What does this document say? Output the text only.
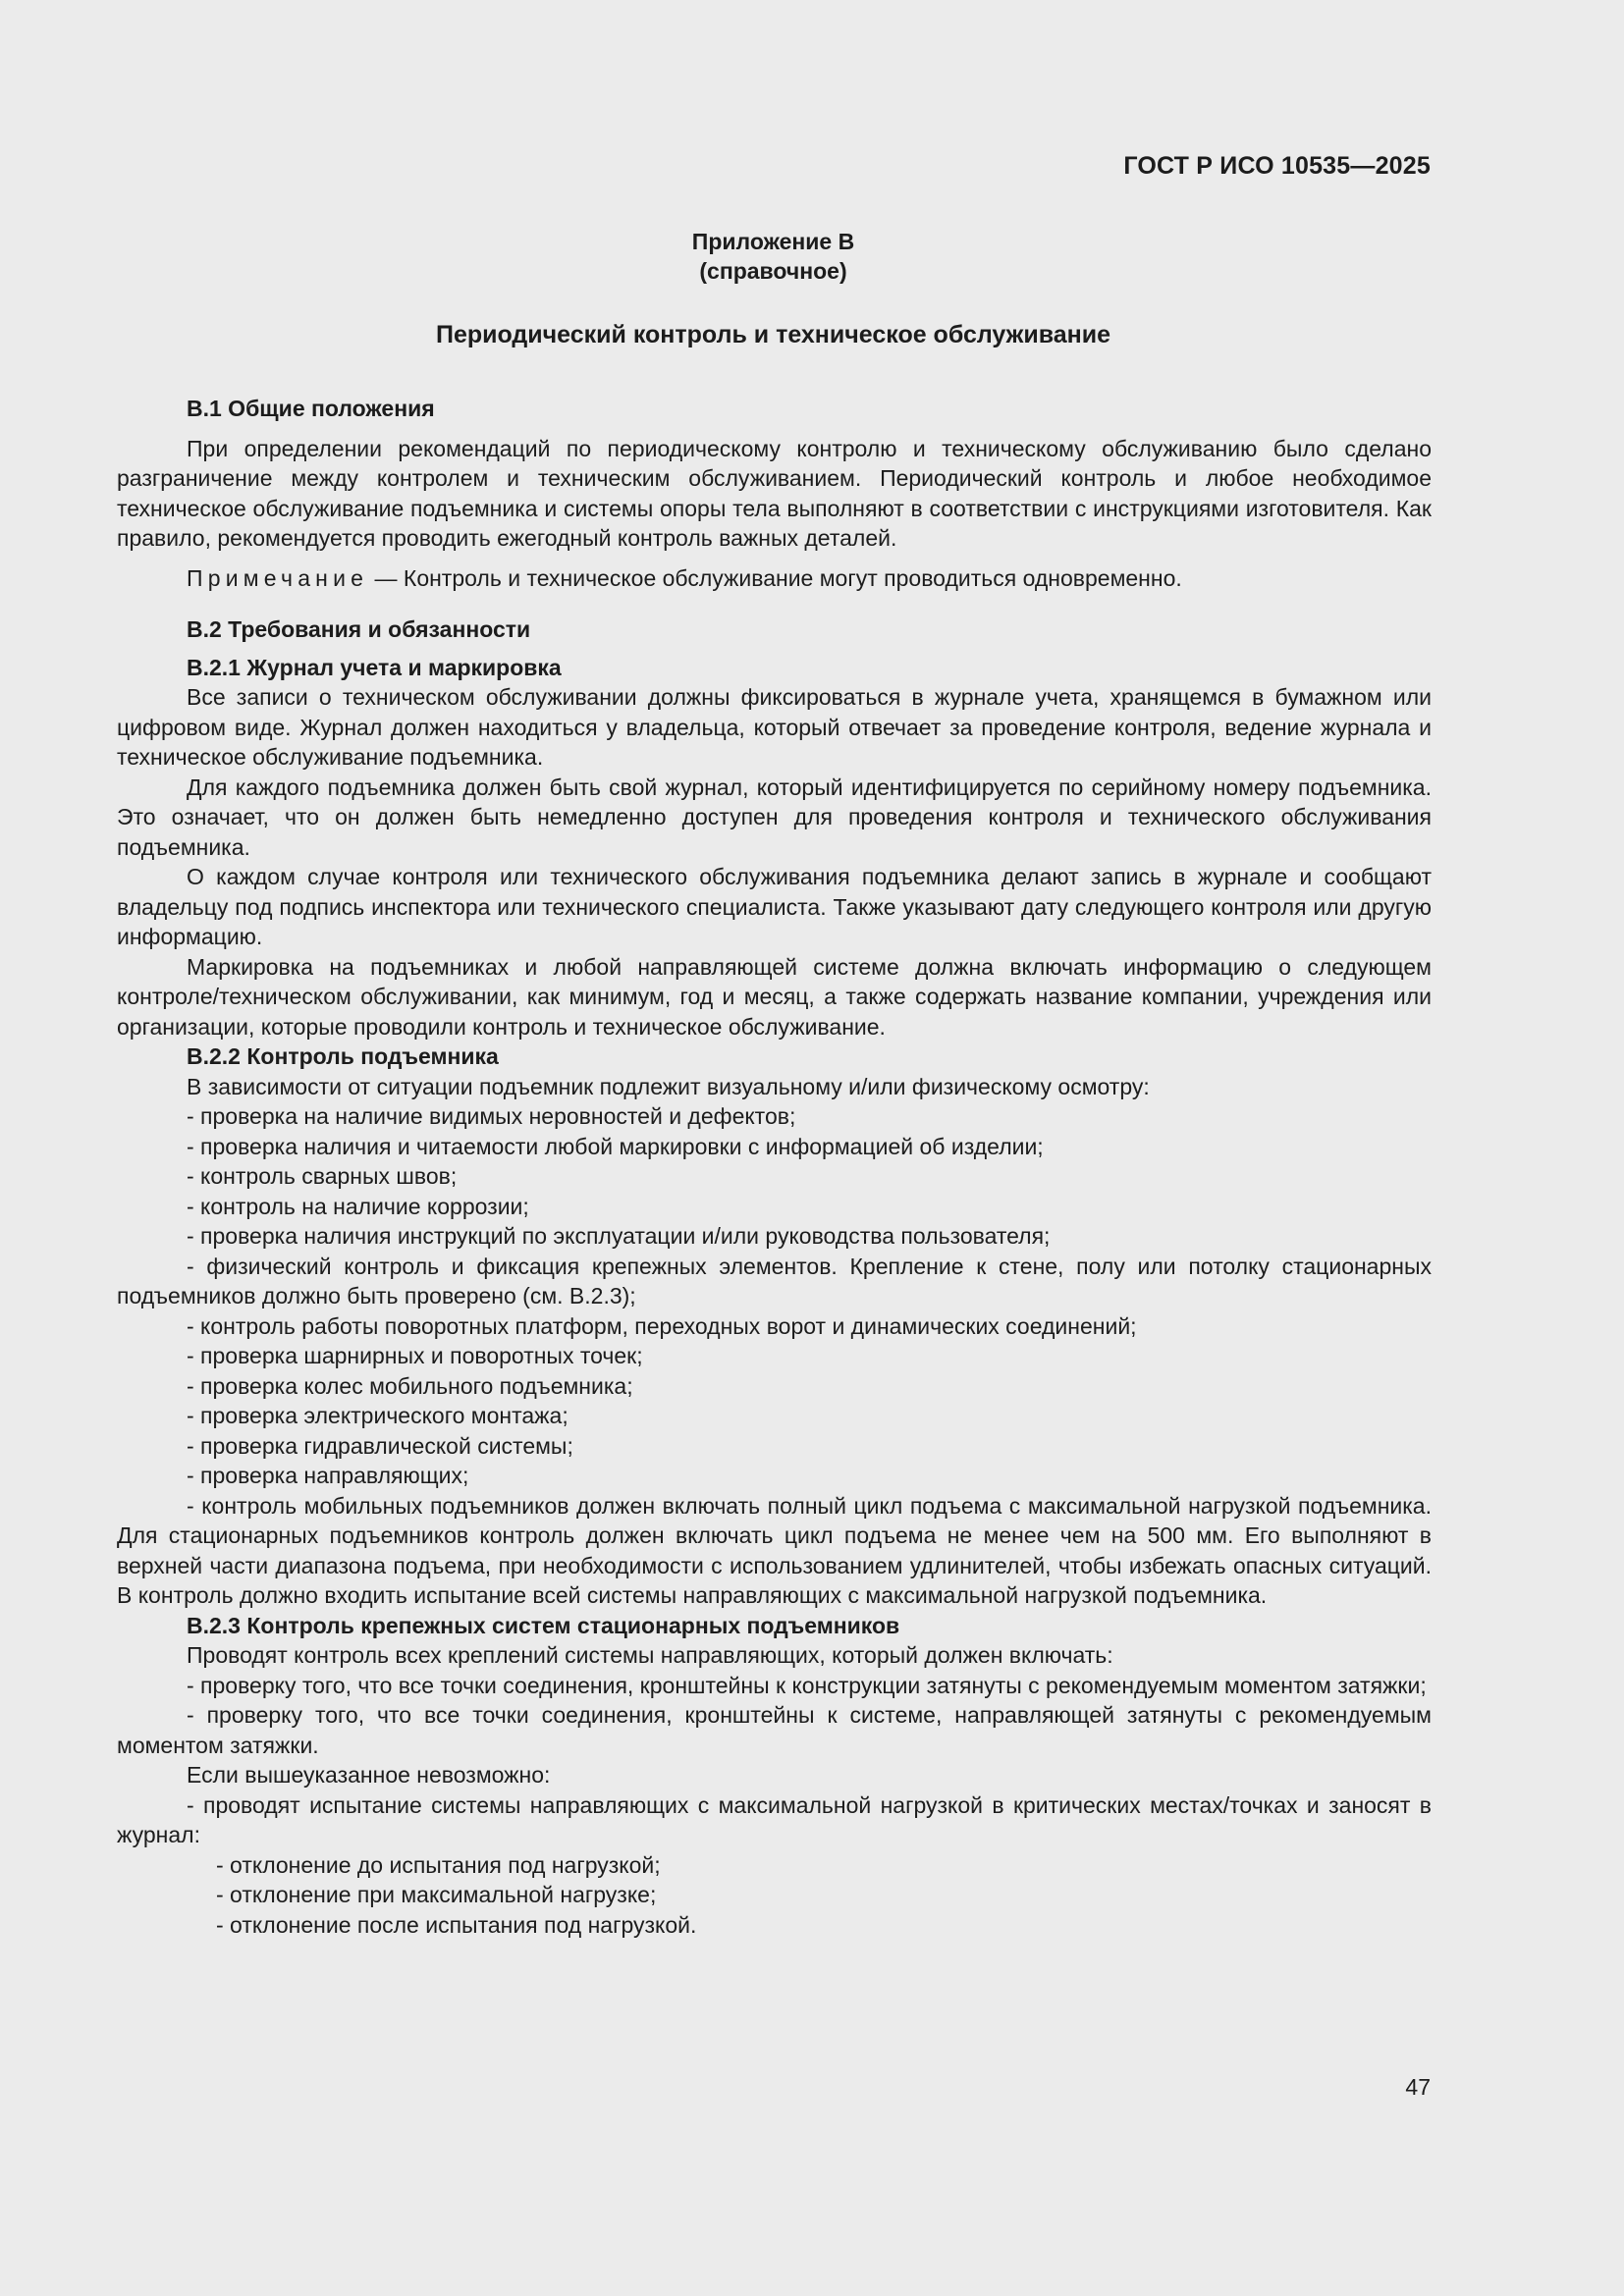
ГОСТ Р ИСО 10535—2025
Приложение В
(справочное)
Периодический контроль и техническое обслуживание

В.1 Общие положения

При определении рекомендаций по периодическому контролю и техническому обслуживанию было сделано разграничение между контролем и техническим обслуживанием. Периодический контроль и любое необходимое техническое обслуживание подъемника и системы опоры тела выполняют в соответствии с инструкциями изготовителя. Как правило, рекомендуется проводить ежегодный контроль важных деталей.

Примечание — Контроль и техническое обслуживание могут проводиться одновременно.

В.2 Требования и обязанности

В.2.1 Журнал учета и маркировка

Все записи о техническом обслуживании должны фиксироваться в журнале учета, хранящемся в бумажном или цифровом виде. Журнал должен находиться у владельца, который отвечает за проведение контроля, ведение журнала и техническое обслуживание подъемника.

Для каждого подъемника должен быть свой журнал, который идентифицируется по серийному номеру подъемника. Это означает, что он должен быть немедленно доступен для проведения контроля и технического обслуживания подъемника.

О каждом случае контроля или технического обслуживания подъемника делают запись в журнале и сообщают владельцу под подпись инспектора или технического специалиста. Также указывают дату следующего контроля или другую информацию.

Маркировка на подъемниках и любой направляющей системе должна включать информацию о следующем контроле/техническом обслуживании, как минимум, год и месяц, а также содержать название компании, учреждения или организации, которые проводили контроль и техническое обслуживание.

В.2.2 Контроль подъемника

В зависимости от ситуации подъемник подлежит визуальному и/или физическому осмотру:

- проверка на наличие видимых неровностей и дефектов;

- проверка наличия и читаемости любой маркировки с информацией об изделии;

- контроль сварных швов;

- контроль на наличие коррозии;

- проверка наличия инструкций по эксплуатации и/или руководства пользователя;

- физический контроль и фиксация крепежных элементов. Крепление к стене, полу или потолку стационарных подъемников должно быть проверено (см. В.2.3);

- контроль работы поворотных платформ, переходных ворот и динамических соединений;

- проверка шарнирных и поворотных точек;

- проверка колес мобильного подъемника;

- проверка электрического монтажа;

- проверка гидравлической системы;

- проверка направляющих;

- контроль мобильных подъемников должен включать полный цикл подъема с максимальной нагрузкой подъемника. Для стационарных подъемников контроль должен включать цикл подъема не менее чем на 500 мм. Его выполняют в верхней части диапазона подъема, при необходимости с использованием удлинителей, чтобы избежать опасных ситуаций. В контроль должно входить испытание всей системы направляющих с максимальной нагрузкой подъемника.

В.2.3 Контроль крепежных систем стационарных подъемников

Проводят контроль всех креплений системы направляющих, который должен включать:

- проверку того, что все точки соединения, кронштейны к конструкции затянуты с рекомендуемым моментом затяжки;

- проверку того, что все точки соединения, кронштейны к системе, направляющей затянуты с рекомендуемым моментом затяжки.

Если вышеуказанное невозможно:

- проводят испытание системы направляющих с максимальной нагрузкой в критических местах/точках и заносят в журнал:

- отклонение до испытания под нагрузкой;

- отклонение при максимальной нагрузке;

- отклонение после испытания под нагрузкой.

47
